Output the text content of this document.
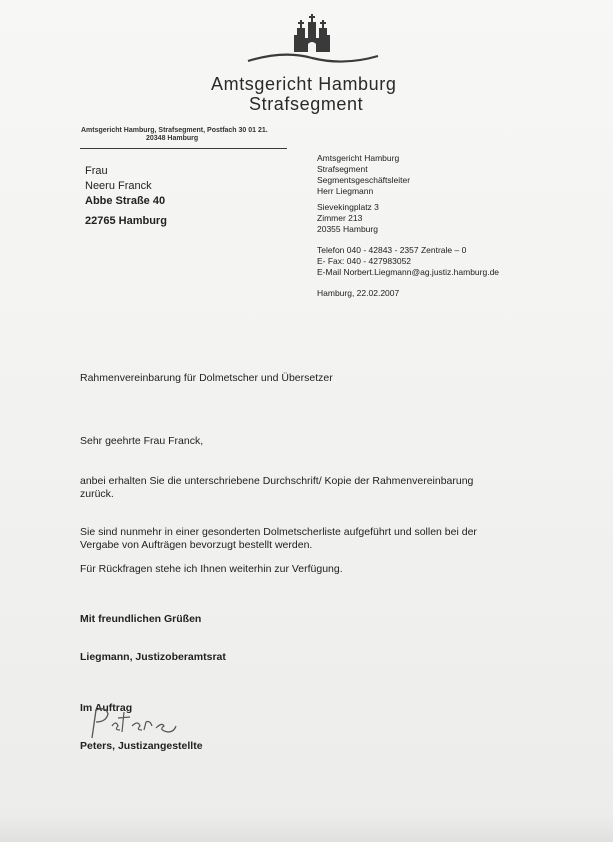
Amtsgericht Hamburg
Strafsegment
Amtsgericht Hamburg, Strafsegment, Postfach 30 01 21.
20348 Hamburg
Frau
Neeru Franck
Abbe Straße 40
22765 Hamburg
Amtsgericht Hamburg
Strafsegment
Segmentsgeschäftsleiter
Herr Liegmann
Sievekingplatz 3
Zimmer 213
20355 Hamburg
Telefon 040 - 42843 - 2357 Zentrale – 0
E- Fax: 040 - 427983052
E-Mail Norbert.Liegmann@ag.justiz.hamburg.de
Hamburg, 22.02.2007
Rahmenvereinbarung für Dolmetscher und Übersetzer
Sehr geehrte Frau Franck,
anbei erhalten Sie die unterschriebene Durchschrift/ Kopie der Rahmenvereinbarung
zurück.
Sie sind nunmehr in einer gesonderten Dolmetscherliste aufgeführt und sollen bei der
Vergabe von Aufträgen bevorzugt bestellt werden.
Für Rückfragen stehe ich Ihnen weiterhin zur Verfügung.
Mit freundlichen Grüßen
Liegmann, Justizoberamtsrat
Im Auftrag
Peters, Justizangestellte
